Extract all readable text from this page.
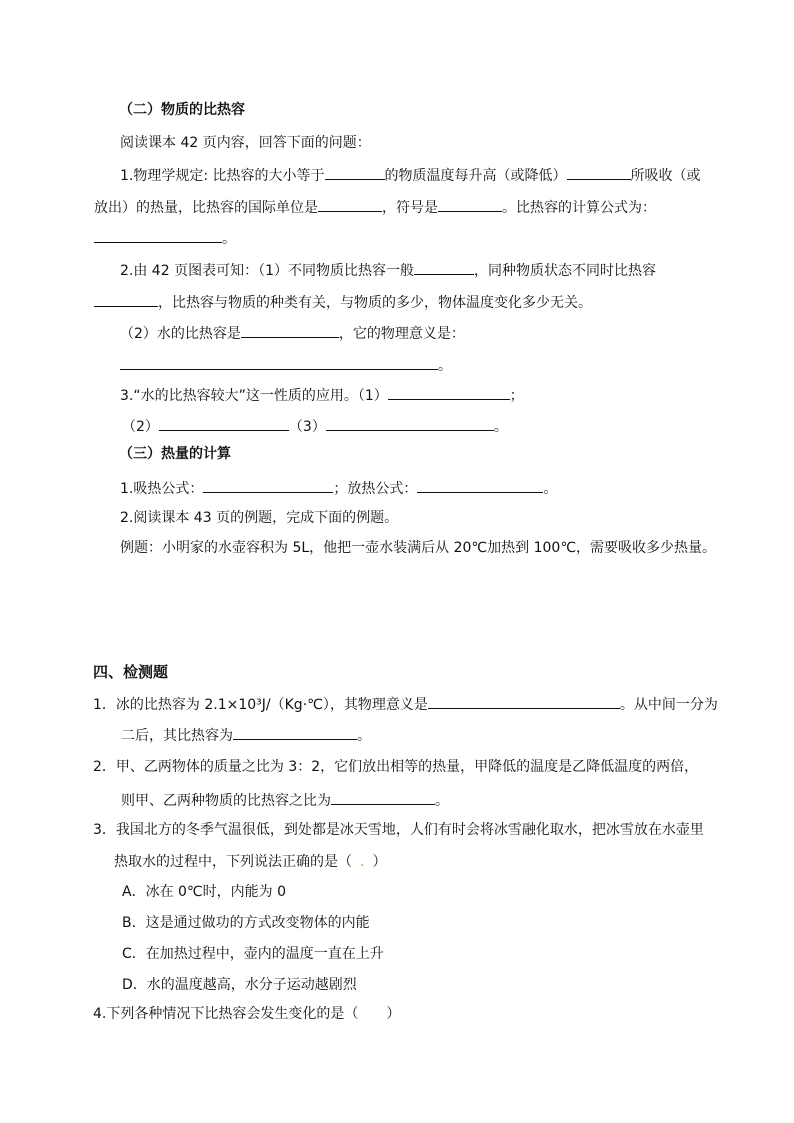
（二）物质的比热容
阅读课本 42 页内容，回答下面的问题：
1.物理学规定: 比热容的大小等于	的物质温度每升高（或降低）	所吸收（或
放出）的热量，比热容的国际单位是	，符号是	。比热容的计算公式为：
。
2.由 42 页图表可知：（1）不同物质比热容一般	，同种物质状态不同时比热容
，比热容与物质的种类有关，与物质的多少，物体温度变化多少无关。
（2）水的比热容是	，它的物理意义是：
。
3.“水的比热容较大”这一性质的应用。（1）	；
（2）	（3）	。
（三）热量的计算
1.吸热公式：	；放热公式：	。
2.阅读课本 43 页的例题，完成下面的例题。
例题：小明家的水壶容积为 5L，他把一壶水装满后从 20℃加热到 100℃，需要吸收多少热量。
四、检测题
1．冰的比热容为 2.1×10³J/（Kg·℃），其物理意义是	。从中间一分为
二后，其比热容为	。
2．甲、乙两物体的质量之比为 3：2，它们放出相等的热量，甲降低的温度是乙降低温度的两倍，
则甲、乙两种物质的比热容之比为	。
3．我国北方的冬季气温很低，到处都是冰天雪地，人们有时会将冰雪融化取水，把冰雪放在水壶里
热取水的过程中，下列说法正确的是（ . ）
A．冰在 0℃时，内能为 0
B．这是通过做功的方式改变物体的内能
C．在加热过程中，壶内的温度一直在上升
D．水的温度越高，水分子运动越剧烈
4.下列各种情况下比热容会发生变化的是（　　）
